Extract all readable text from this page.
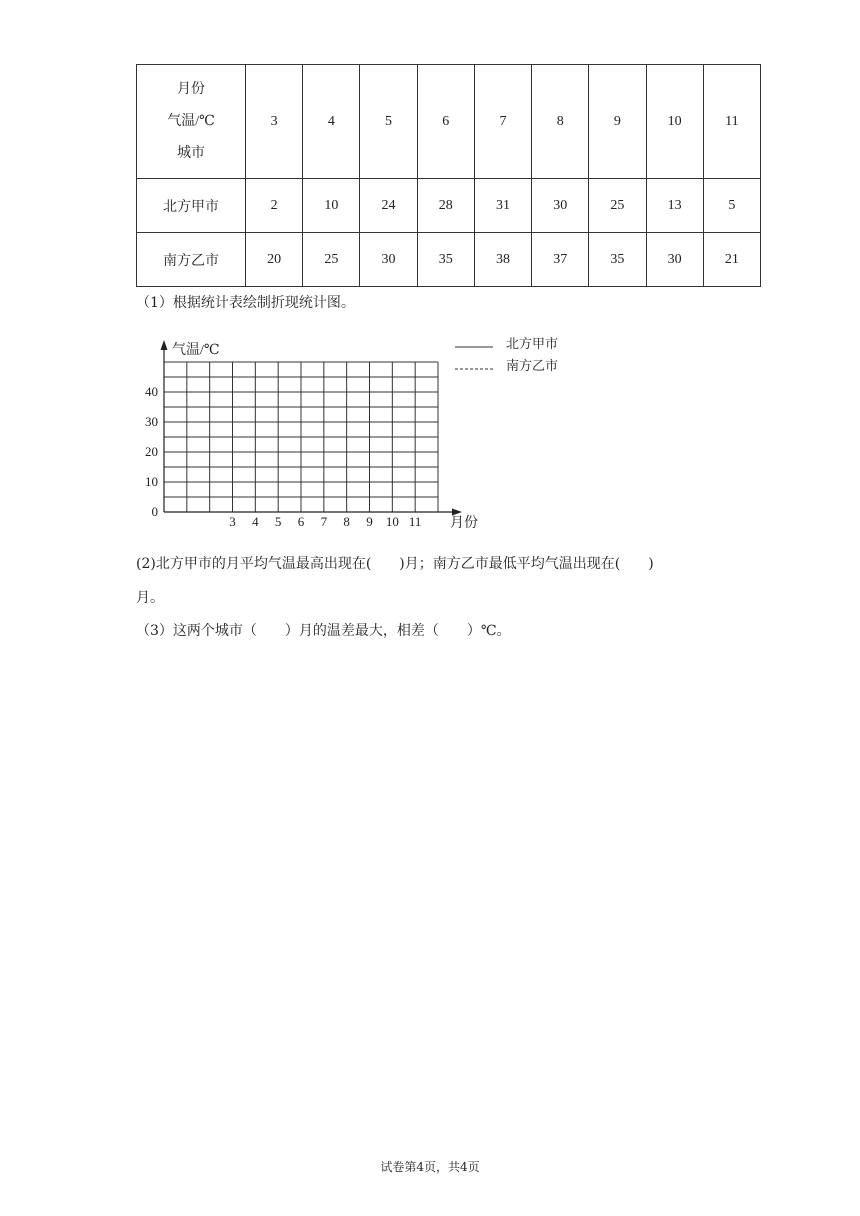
月份
气温/℃
城市	3	4	5	6	7	8	9	10	11
北方甲市	2	10	24	28	31	30	25	13	5
南方乙市	20	25	30	35	38	37	35	30	21
（1）根据统计表绘制折现统计图。
气温/℃
月份
0
10
20
30
40
3 4 5 6 7 8 9 10 11
北方甲市
南方乙市
(2)北方甲市的月平均气温最高出现在(　　)月；南方乙市最低平均气温出现在(　　)
月。
（3）这两个城市（　　）月的温差最大，相差（　　）℃。
试卷第4页，共4页
